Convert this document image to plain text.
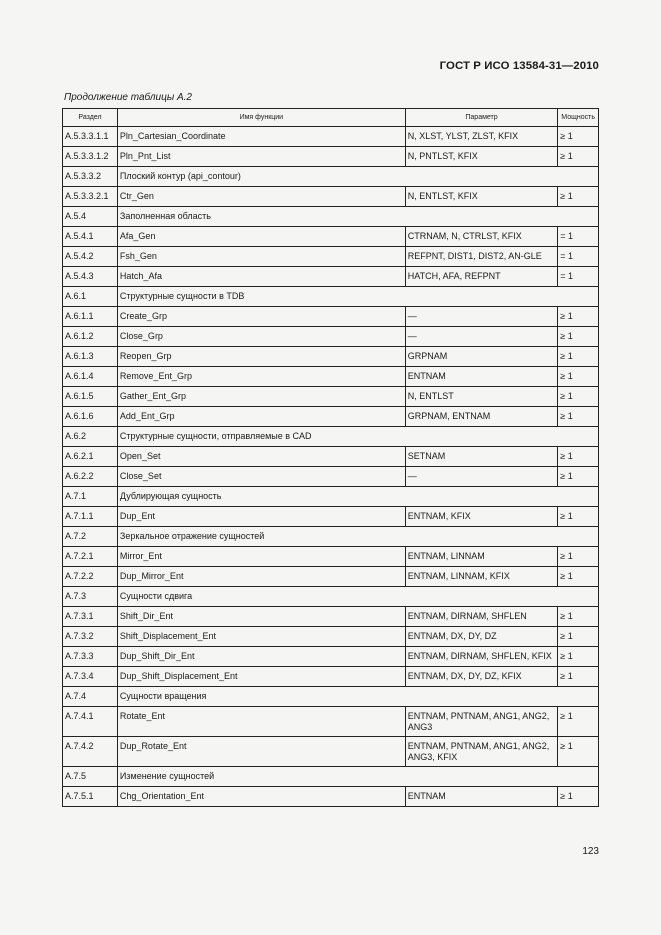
ГОСТ Р ИСО 13584-31—2010
Продолжение таблицы А.2
Раздел	Имя функции	Параметр	Мощность
A.5.3.3.1.1	Pln_Cartesian_Coordinate	N, XLST, YLST, ZLST, KFIX	≥ 1
A.5.3.3.1.2	Pln_Pnt_List	N, PNTLST, KFIX	≥ 1
A.5.3.3.2	Плоский контур (api_contour)		
A.5.3.3.2.1	Ctr_Gen	N, ENTLST, KFIX	≥ 1
A.5.4	Заполненная область		
A.5.4.1	Afa_Gen	CTRNAM, N, CTRLST, KFIX	= 1
A.5.4.2	Fsh_Gen	REFPNT, DIST1, DIST2, AN-GLE	= 1
A.5.4.3	Hatch_Afa	HATCH, AFA, REFPNT	= 1
A.6.1	Структурные сущности в TDB		
A.6.1.1	Create_Grp	—	≥ 1
A.6.1.2	Close_Grp	—	≥ 1
A.6.1.3	Reopen_Grp	GRPNAM	≥ 1
A.6.1.4	Remove_Ent_Grp	ENTNAM	≥ 1
A.6.1.5	Gather_Ent_Grp	N, ENTLST	≥ 1
A.6.1.6	Add_Ent_Grp	GRPNAM, ENTNAM	≥ 1
A.6.2	Структурные сущности, отправляемые в CAD		
A.6.2.1	Open_Set	SETNAM	≥ 1
A.6.2.2	Close_Set	—	≥ 1
A.7.1	Дублирующая сущность		
A.7.1.1	Dup_Ent	ENTNAM, KFIX	≥ 1
A.7.2	Зеркальное отражение сущностей		
A.7.2.1	Mirror_Ent	ENTNAM, LINNAM	≥ 1
A.7.2.2	Dup_Mirror_Ent	ENTNAM, LINNAM, KFIX	≥ 1
A.7.3	Сущности сдвига		
A.7.3.1	Shift_Dir_Ent	ENTNAM, DIRNAM, SHFLEN	≥ 1
A.7.3.2	Shift_Displacement_Ent	ENTNAM, DX, DY, DZ	≥ 1
A.7.3.3	Dup_Shift_Dir_Ent	ENTNAM, DIRNAM, SHFLEN, KFIX	≥ 1
A.7.3.4	Dup_Shift_Displacement_Ent	ENTNAM, DX, DY, DZ, KFIX	≥ 1
A.7.4	Сущности вращения		
A.7.4.1	Rotate_Ent	ENTNAM, PNTNAM, ANG1, ANG2, ANG3	≥ 1
A.7.4.2	Dup_Rotate_Ent	ENTNAM, PNTNAM, ANG1, ANG2, ANG3, KFIX	≥ 1
A.7.5	Изменение сущностей		
A.7.5.1	Chg_Orientation_Ent	ENTNAM	≥ 1
123
